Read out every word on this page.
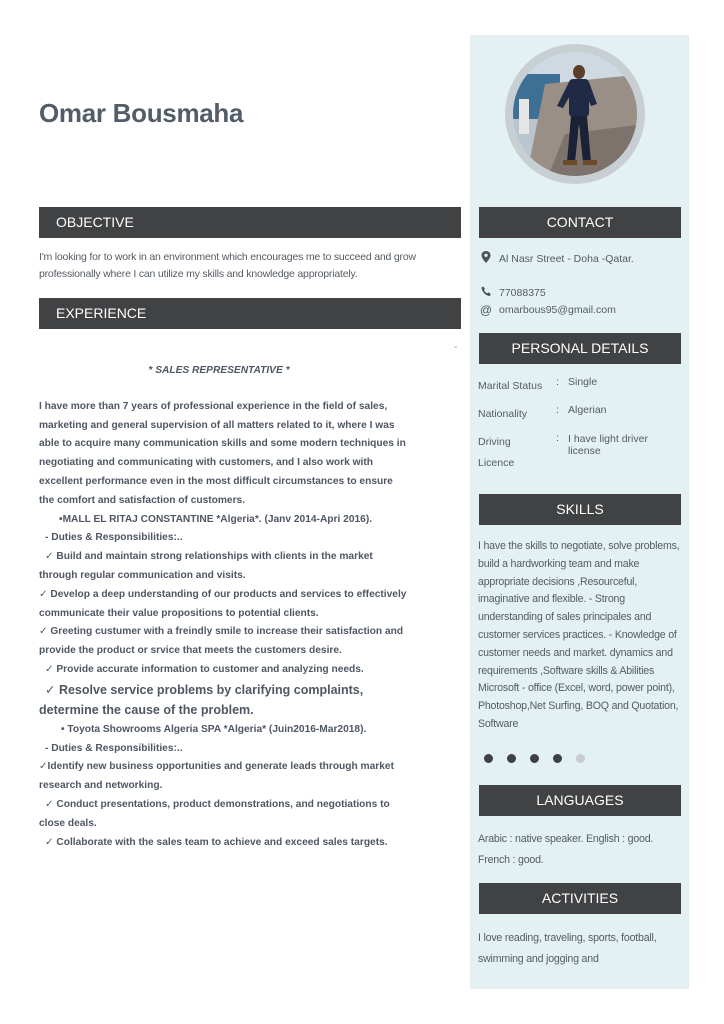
Omar Bousmaha
OBJECTIVE
I'm looking for to work in an environment which encourages me to succeed and grow professionally where I can utilize my skills and knowledge appropriately.
EXPERIENCE
-

* SALES REPRESENTATIVE *

I have more than 7 years of professional experience in the field of sales, marketing and general supervision of all matters related to it, where I was able to acquire many communication skills and some modern techniques in negotiating and communicating with customers, and I also work with excellent performance even in the most difficult circumstances to ensure the comfort and satisfaction of customers.

•MALL EL RITAJ CONSTANTINE *Algeria*. (Janv 2014-Apri 2016).

- Duties & Responsibilities:..

✓ Build and maintain strong relationships with clients in the market through regular communication and visits.

✓ Develop a deep understanding of our products and services to effectively communicate their value propositions to potential clients.

✓ Greeting custumer with a freindly smile to increase their satisfaction and provide the product or srvice that meets the customers desire.

✓ Provide accurate information to customer and analyzing needs.

✓ Resolve service problems by clarifying complaints, determine the cause of the problem.

• Toyota Showrooms Algeria SPA *Algeria* (Juin2016-Mar2018).

- Duties & Responsibilities:..

✓Identify new business opportunities and generate leads through market research and networking.

✓ Conduct presentations, product demonstrations, and negotiations to close deals.

✓ Collaborate with the sales team to achieve and exceed sales targets.

CONTACT
Al Nasr Street - Doha -Qatar.
77088375
@ omarbous95@gmail.com
PERSONAL DETAILS
Marital Status	: Single
Nationality	: Algerian
Driving Licence
: I have light driver license
SKILLS
I have the skills to negotiate, solve problems, build a hardworking team and make appropriate decisions ,Resourceful, imaginative and flexible. - Strong understanding of sales principales and customer services practices. - Knowledge of customer needs and market. dynamics and requirements ,Software skills & Abilities Microsoft - office (Excel, word, power point), Photoshop,Net Surfing, BOQ and Quotation, Software
LANGUAGES
Arabic : native speaker. English : good. French : good.
ACTIVITIES
I love reading, traveling, sports, football, swimming and jogging and
